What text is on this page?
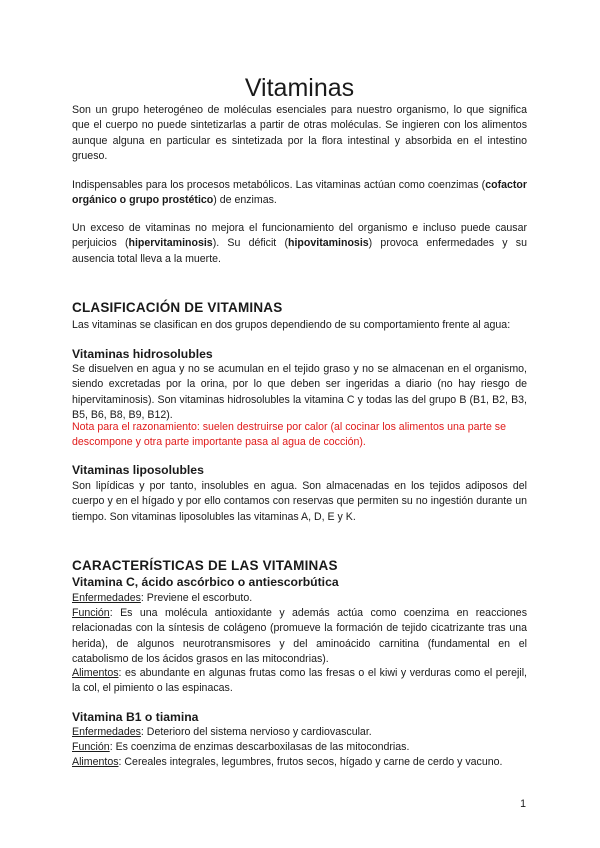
Vitaminas

Son un grupo heterogéneo de moléculas esenciales para nuestro organismo, lo que significa que el cuerpo no puede sintetizarlas a partir de otras moléculas. Se ingieren con los alimentos aunque alguna en particular es sintetizada por la flora intestinal y absorbida en el intestino grueso.

Indispensables para los procesos metabólicos. Las vitaminas actúan como coenzimas (cofactor orgánico o grupo prostético) de enzimas.

Un exceso de vitaminas no mejora el funcionamiento del organismo e incluso puede causar perjuicios (hipervitaminosis). Su déficit (hipovitaminosis) provoca enfermedades y su ausencia total lleva a la muerte.

CLASIFICACIÓN DE VITAMINAS

Las vitaminas se clasifican en dos grupos dependiendo de su comportamiento frente al agua:

Vitaminas hidrosolubles

Se disuelven en agua y no se acumulan en el tejido graso y no se almacenan en el organismo, siendo excretadas por la orina, por lo que deben ser ingeridas a diario (no hay riesgo de hipervitaminosis). Son vitaminas hidrosolubles la vitamina C y todas las del grupo B (B1, B2, B3, B5, B6, B8, B9, B12).

Nota para el razonamiento: suelen destruirse por calor (al cocinar los alimentos una parte se descompone y otra parte importante pasa al agua de cocción).

Vitaminas liposolubles

Son lipídicas y por tanto, insolubles en agua. Son almacenadas en los tejidos adiposos del cuerpo y en el hígado y por ello contamos con reservas que permiten su no ingestión durante un tiempo. Son vitaminas liposolubles las vitaminas A, D, E y K.

CARACTERÍSTICAS DE LAS VITAMINAS
Vitamina C, ácido ascórbico o antiescorbútica

Enfermedades: Previene el escorbuto.

Función: Es una molécula antioxidante y además actúa como coenzima en reacciones relacionadas con la síntesis de colágeno (promueve la formación de tejido cicatrizante tras una herida), de algunos neurotransmisores y del aminoácido carnitina (fundamental en el catabolismo de los ácidos grasos en las mitocondrias).

Alimentos: es abundante en algunas frutas como las fresas o el kiwi y verduras como el perejil, la col, el pimiento o las espinacas.

Vitamina B1 o tiamina

Enfermedades: Deterioro del sistema nervioso y cardiovascular.

Función: Es coenzima de enzimas descarboxilasas de las mitocondrias.

Alimentos: Cereales integrales, legumbres, frutos secos, hígado y carne de cerdo y vacuno.

1
